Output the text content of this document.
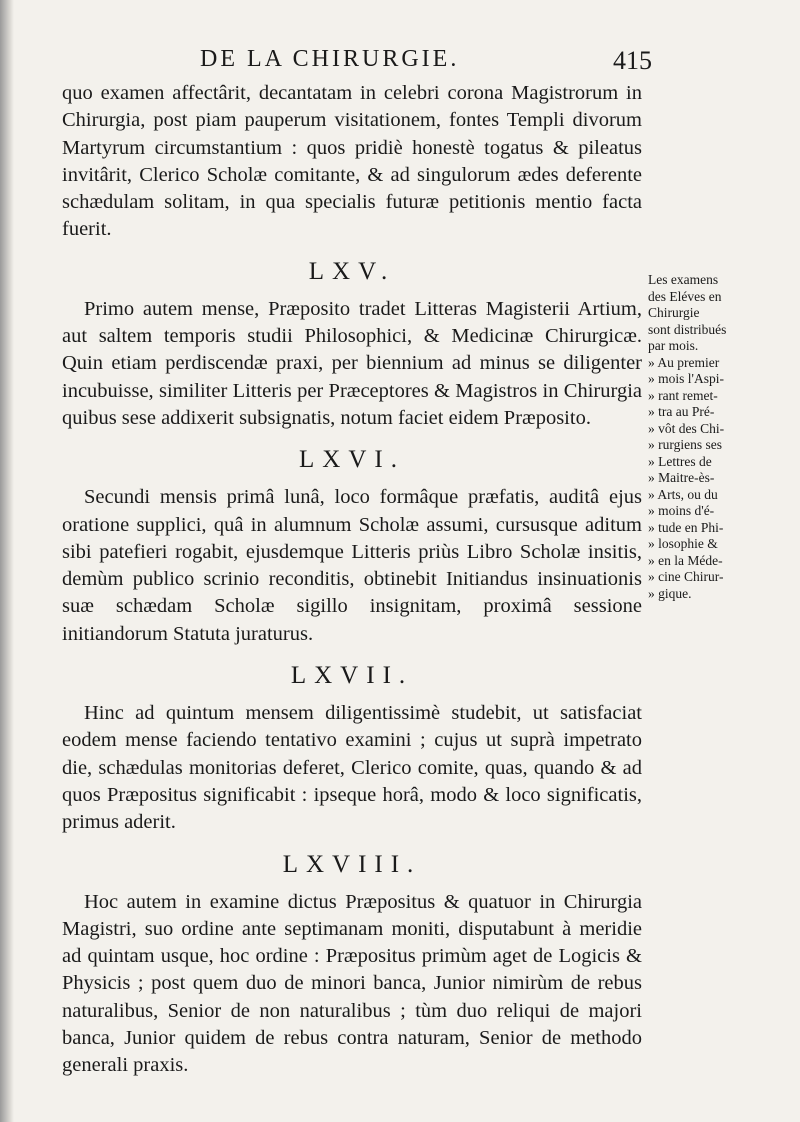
DE LA CHIRURGIE.	415

quo examen affectârit, decantatam in celebri corona Magistrorum in Chirurgia, post piam pauperum visitationem, fontes Templi divorum Martyrum circumstantium : quos pridiè honestè togatus & pileatus invitârit, Clerico Scholæ comitante, & ad singulorum ædes deferente schædulam solitam, in qua specialis futuræ petitionis mentio facta fuerit.

LXV.

Primo autem mense, Præposito tradet Litteras Magisterii Artium, aut saltem temporis studii Philosophici, & Medicinæ Chirurgicæ. Quin etiam perdiscendæ praxi, per biennium ad minus se diligenter incubuisse, similiter Litteris per Præceptores & Magistros in Chirurgia quibus sese addixerit subsignatis, notum faciet eidem Præposito.

LXVI.

Secundi mensis primâ lunâ, loco formâque præfatis, auditâ ejus oratione supplici, quâ in alumnum Scholæ assumi, cursusque aditum sibi patefieri rogabit, ejusdemque Litteris priùs Libro Scholæ insitis, demùm publico scrinio reconditis, obtinebit Initiandus insinuationis suæ schædam Scholæ sigillo insignitam, proximâ sessione initiandorum Statuta juraturus.

LXVII.

Hinc ad quintum mensem diligentissimè studebit, ut satisfaciat eodem mense faciendo tentativo examini ; cujus ut suprà impetrato die, schædulas monitorias deferet, Clerico comite, quas, quando & ad quos Præpositus significabit : ipseque horâ, modo & loco significatis, primus aderit.

LXVIII.

Hoc autem in examine dictus Præpositus & quatuor in Chirurgia Magistri, suo ordine ante septimanam moniti, disputabunt à meridie ad quintam usque, hoc ordine : Præpositus primùm aget de Logicis & Physicis ; post quem duo de minori banca, Junior nimirùm de rebus naturalibus, Senior de non naturalibus ; tùm duo reliqui de majori banca, Junior quidem de rebus contra naturam, Senior de methodo generali praxis.

Les examens
des Eléves en
Chirurgie
sont distribués
par mois.
» Au premier
» mois l'Aspi-
» rant remet-
» tra au Pré-
» vôt des Chi-
» rurgiens ses
» Lettres de
» Maitre-ès-
» Arts, ou du
» moins d'é-
» tude en Phi-
» losophie &
» en la Méde-
» cine Chirur-
» gique.
